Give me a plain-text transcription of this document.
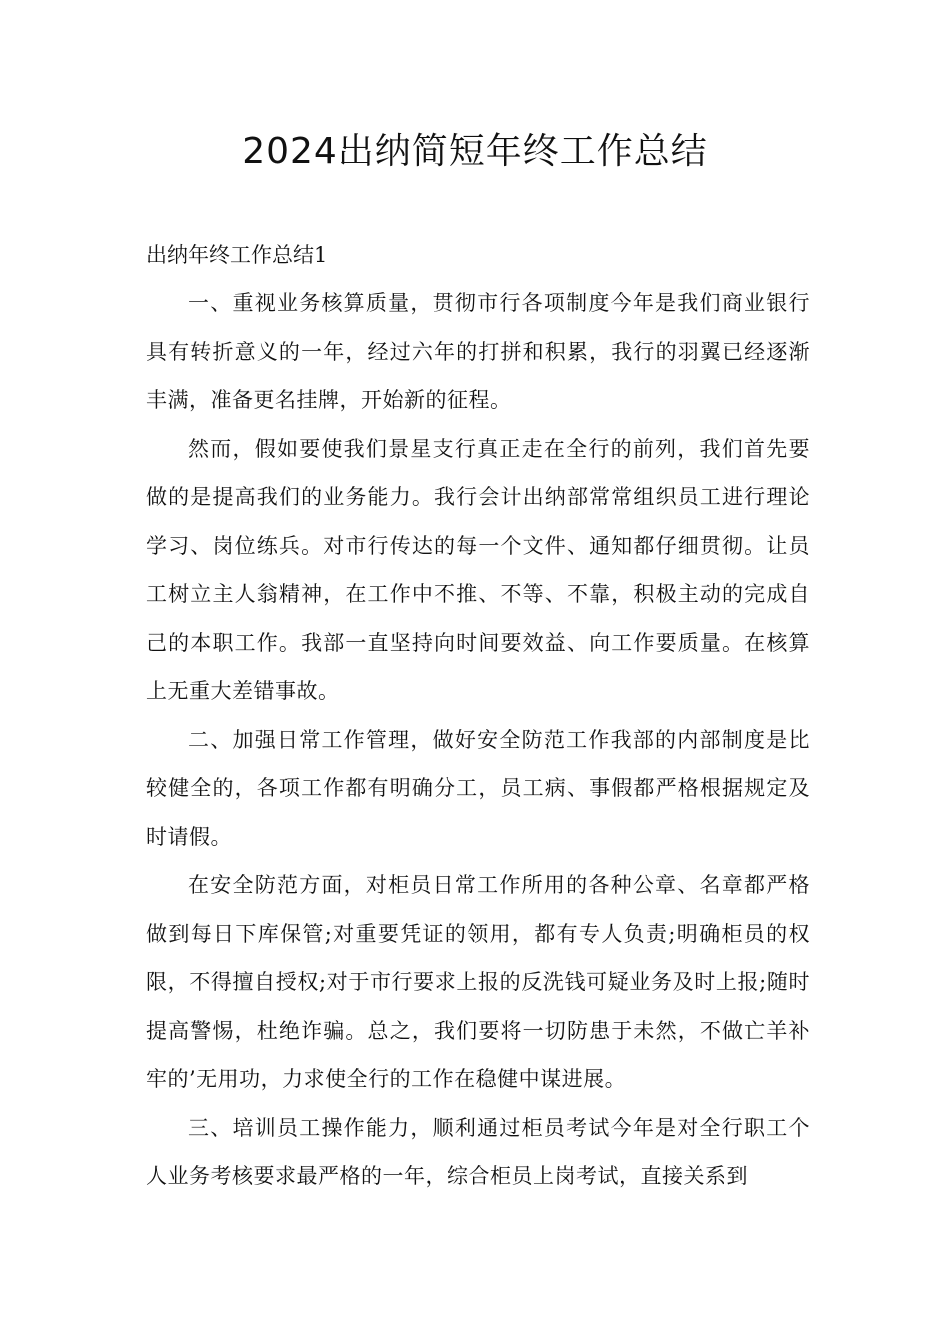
2024出纳简短年终工作总结

出纳年终工作总结1

一、重视业务核算质量，贯彻市行各项制度今年是我们商业银行具有转折意义的一年，经过六年的打拼和积累，我行的羽翼已经逐渐丰满，准备更名挂牌，开始新的征程。

然而，假如要使我们景星支行真正走在全行的前列，我们首先要做的是提高我们的业务能力。我行会计出纳部常常组织员工进行理论学习、岗位练兵。对市行传达的每一个文件、通知都仔细贯彻。让员工树立主人翁精神，在工作中不推、不等、不靠，积极主动的完成自己的本职工作。我部一直坚持向时间要效益、向工作要质量。在核算上无重大差错事故。

二、加强日常工作管理，做好安全防范工作我部的内部制度是比较健全的，各项工作都有明确分工，员工病、事假都严格根据规定及时请假。

在安全防范方面，对柜员日常工作所用的各种公章、名章都严格做到每日下库保管;对重要凭证的领用，都有专人负责;明确柜员的权限，不得擅自授权;对于市行要求上报的反洗钱可疑业务及时上报;随时提高警惕，杜绝诈骗。总之，我们要将一切防患于未然，不做亡羊补牢的’无用功，力求使全行的工作在稳健中谋进展。

三、培训员工操作能力，顺利通过柜员考试今年是对全行职工个人业务考核要求最严格的一年，综合柜员上岗考试，直接关系到
